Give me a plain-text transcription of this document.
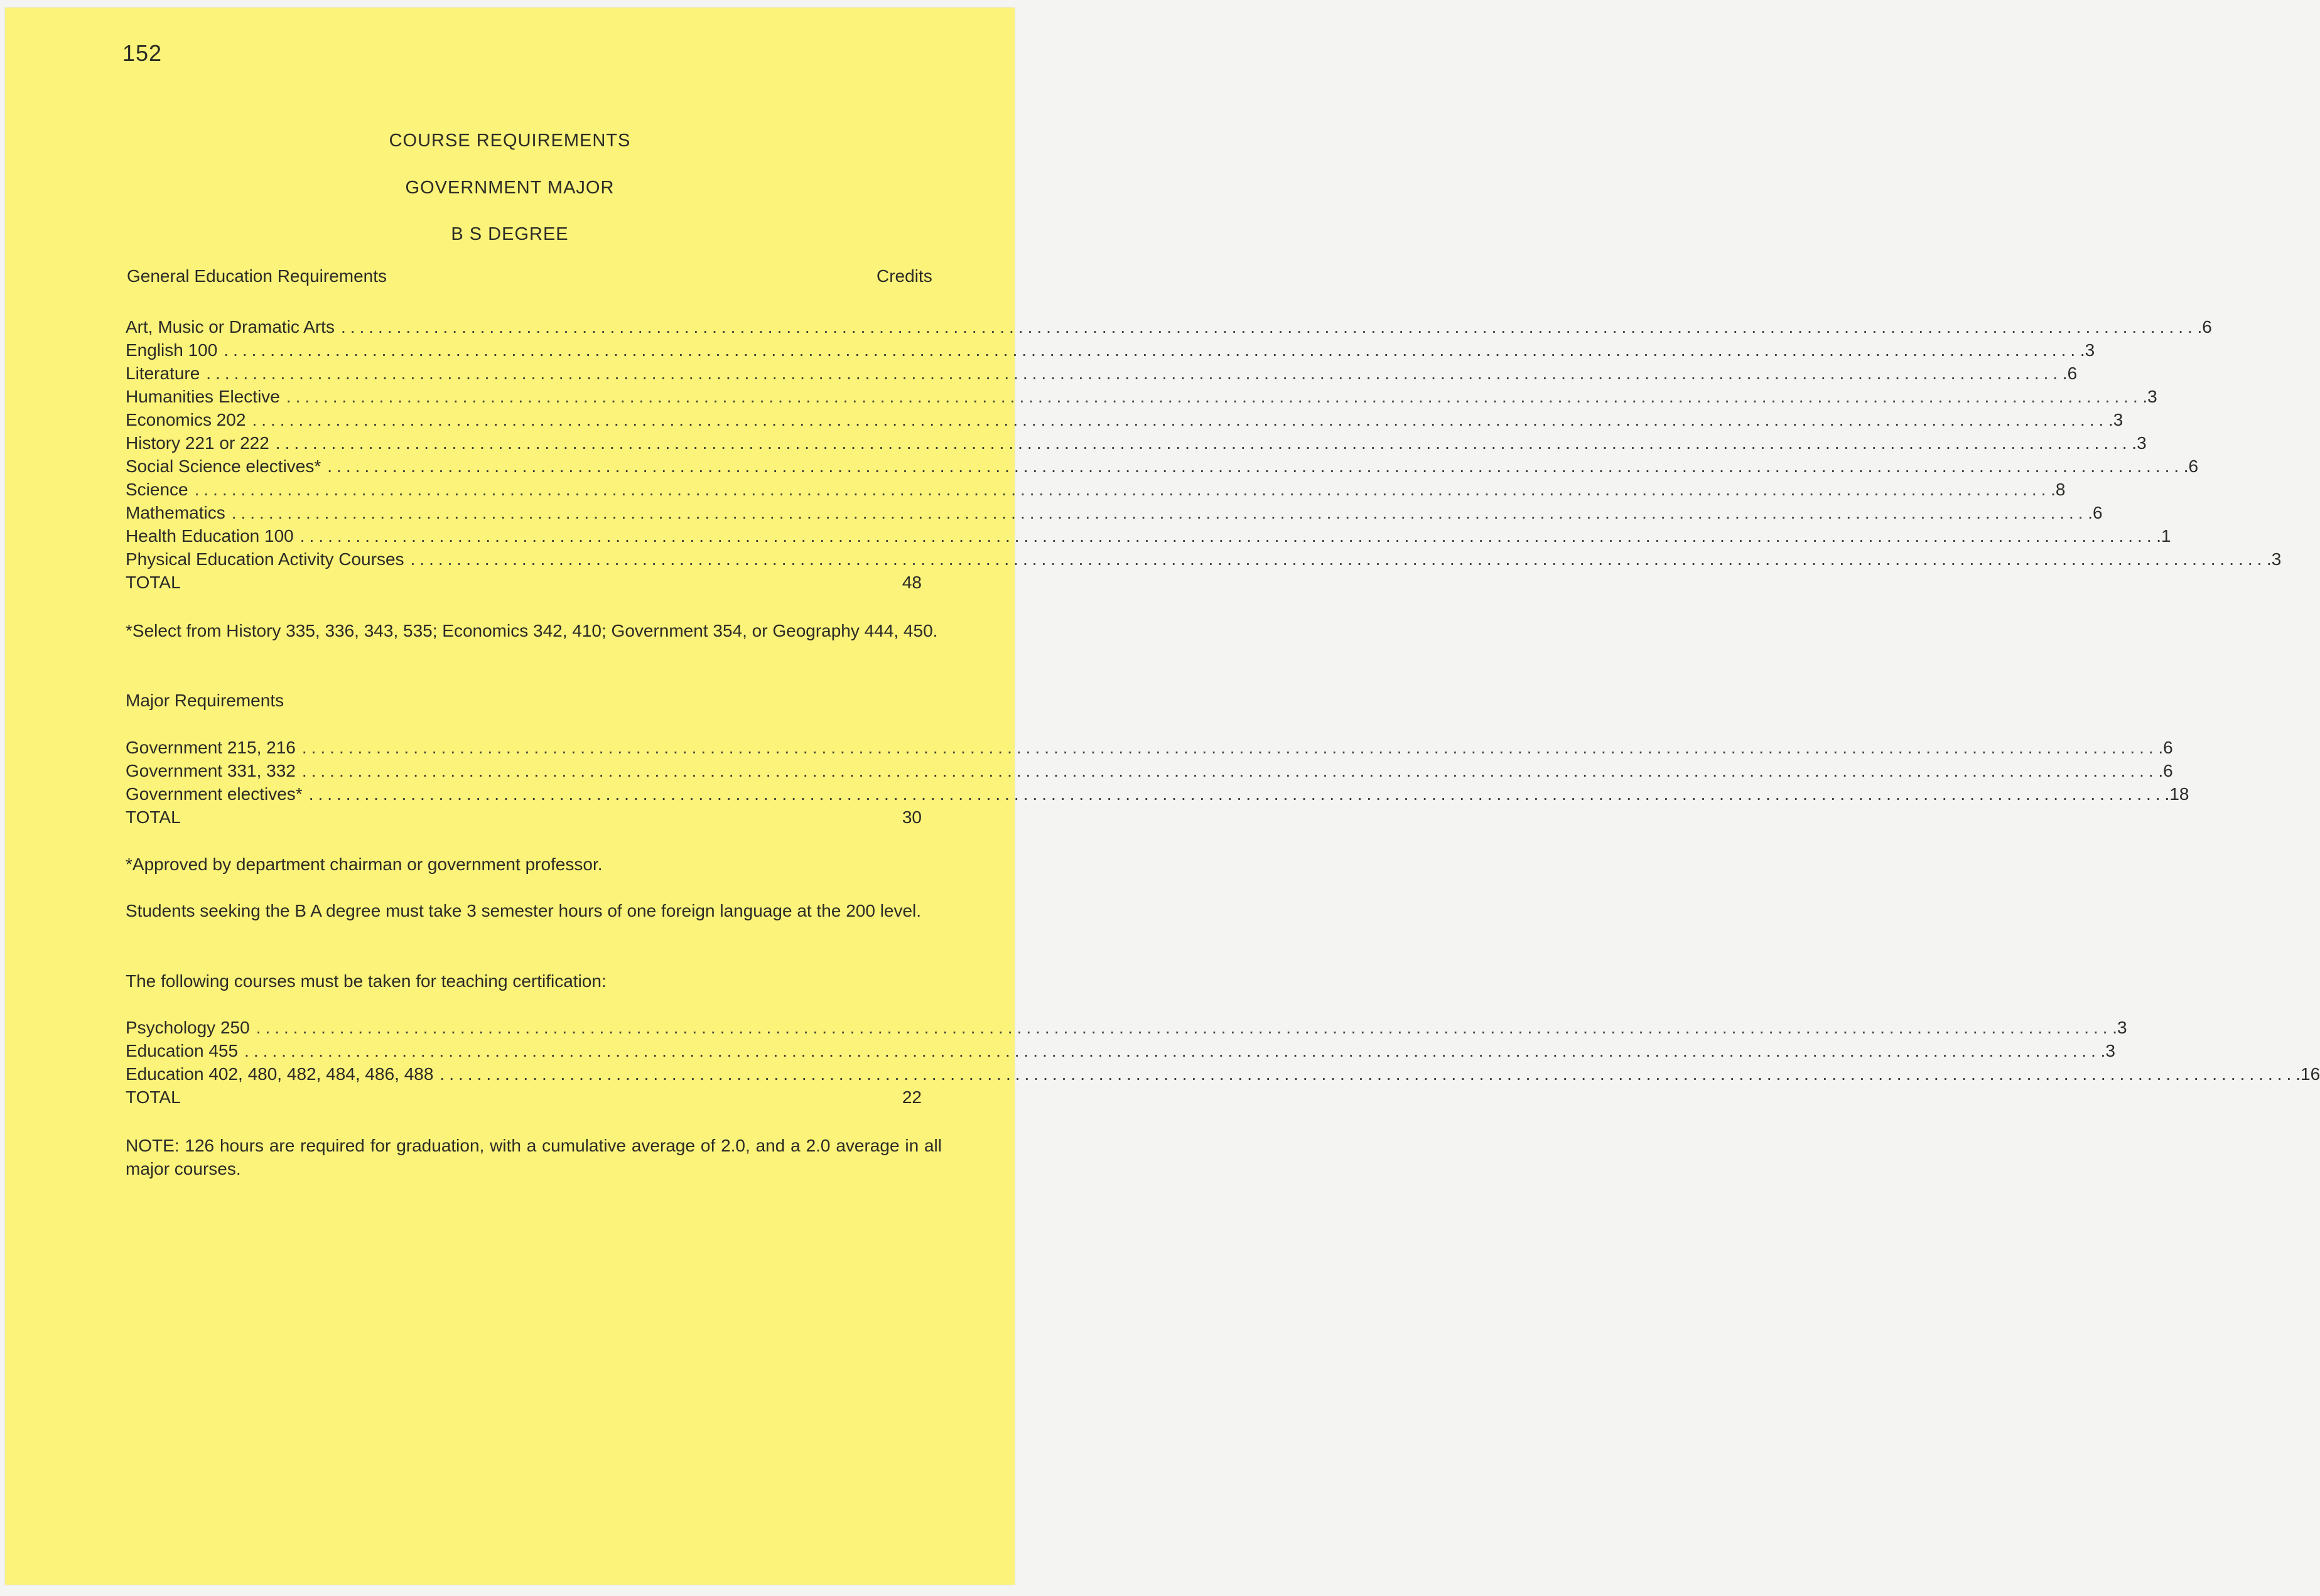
152
COURSE REQUIREMENTS
GOVERNMENT MAJOR
B S DEGREE
General Education Requirements	Credits
Art, Music or Dramatic Arts ........................................................................................................................................................................................................ .6
English 100 ........................................................................................................................................................................................................ .3
Literature ........................................................................................................................................................................................................ .6
Humanities Elective ........................................................................................................................................................................................................ .3
Economics 202 ........................................................................................................................................................................................................ .3
History 221 or 222 ........................................................................................................................................................................................................ .3
Social Science electives* ........................................................................................................................................................................................................ .6
Science ........................................................................................................................................................................................................ .8
Mathematics ........................................................................................................................................................................................................ .6
Health Education 100 ........................................................................................................................................................................................................ .1
Physical Education Activity Courses ........................................................................................................................................................................................................ .3
TOTAL	48
*Select from History 335, 336, 343, 535; Economics 342, 410; Government 354, or Geography 444, 450.
Major Requirements
Government 215, 216 ........................................................................................................................................................................................................ .6
Government 331, 332 ........................................................................................................................................................................................................ .6
Government electives* ........................................................................................................................................................................................................ .18
TOTAL	30
*Approved by department chairman or government professor.
Students seeking the B A degree must take 3 semester hours of one foreign language at the 200 level.
The following courses must be taken for teaching certification:
Psychology 250 ........................................................................................................................................................................................................ .3
Education 455 ........................................................................................................................................................................................................ .3
Education 402, 480, 482, 484, 486, 488 ........................................................................................................................................................................................................ .16
TOTAL	22
NOTE: 126 hours are required for graduation, with a cumulative average of 2.0, and a 2.0 average in all major courses.
